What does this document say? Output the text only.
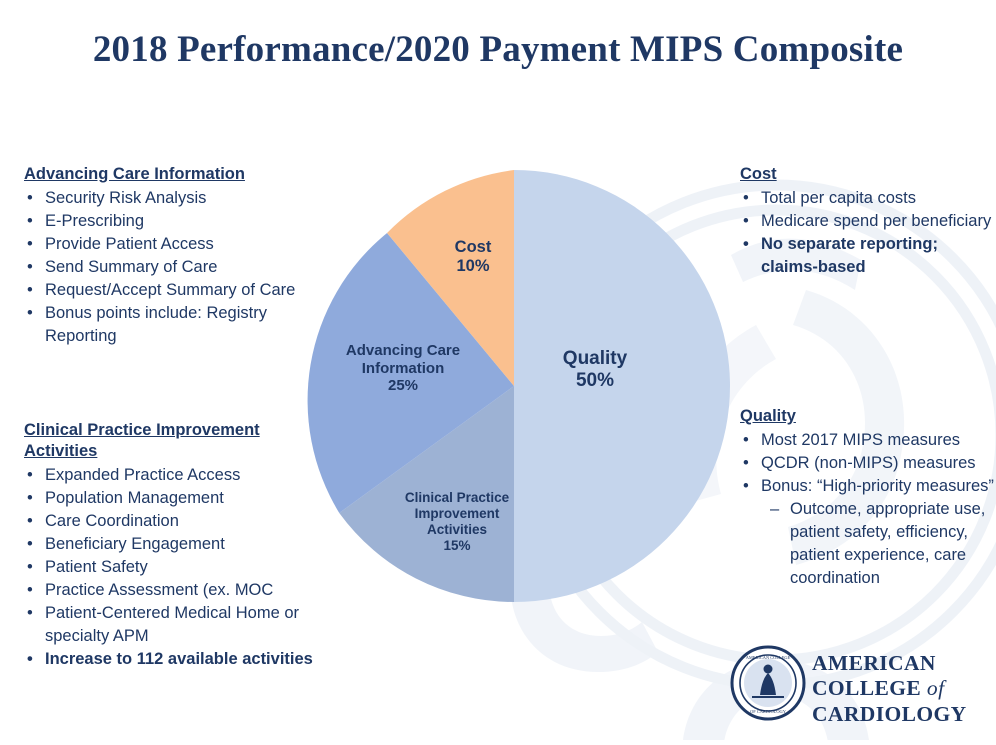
2018 Performance/2020 Payment MIPS Composite
Advancing Care Information
• Security Risk Analysis
• E-Prescribing
• Provide Patient Access
• Send Summary of Care
• Request/Accept Summary of Care
• Bonus points include: Registry Reporting
Clinical Practice Improvement Activities
• Expanded Practice Access
• Population Management
• Care Coordination
• Beneficiary Engagement
• Patient Safety
• Practice Assessment (ex. MOC
• Patient-Centered Medical Home or specialty APM
• Increase to 112 available activities
Cost
• Total per capita costs
• Medicare spend per beneficiary
• No separate reporting; claims-based
Quality
• Most 2017 MIPS measures
• QCDR (non-MIPS) measures
• Bonus: “High-priority measures”
– Outcome, appropriate use, patient safety, efficiency, patient experience, care coordination
Quality
50%
Cost
10%
Advancing Care Information
25%
Clinical Practice Improvement Activities
15%
AMERICAN COLLEGE
OF CARDIOLOGY
AMERICAN
COLLEGE of
CARDIOLOGY
